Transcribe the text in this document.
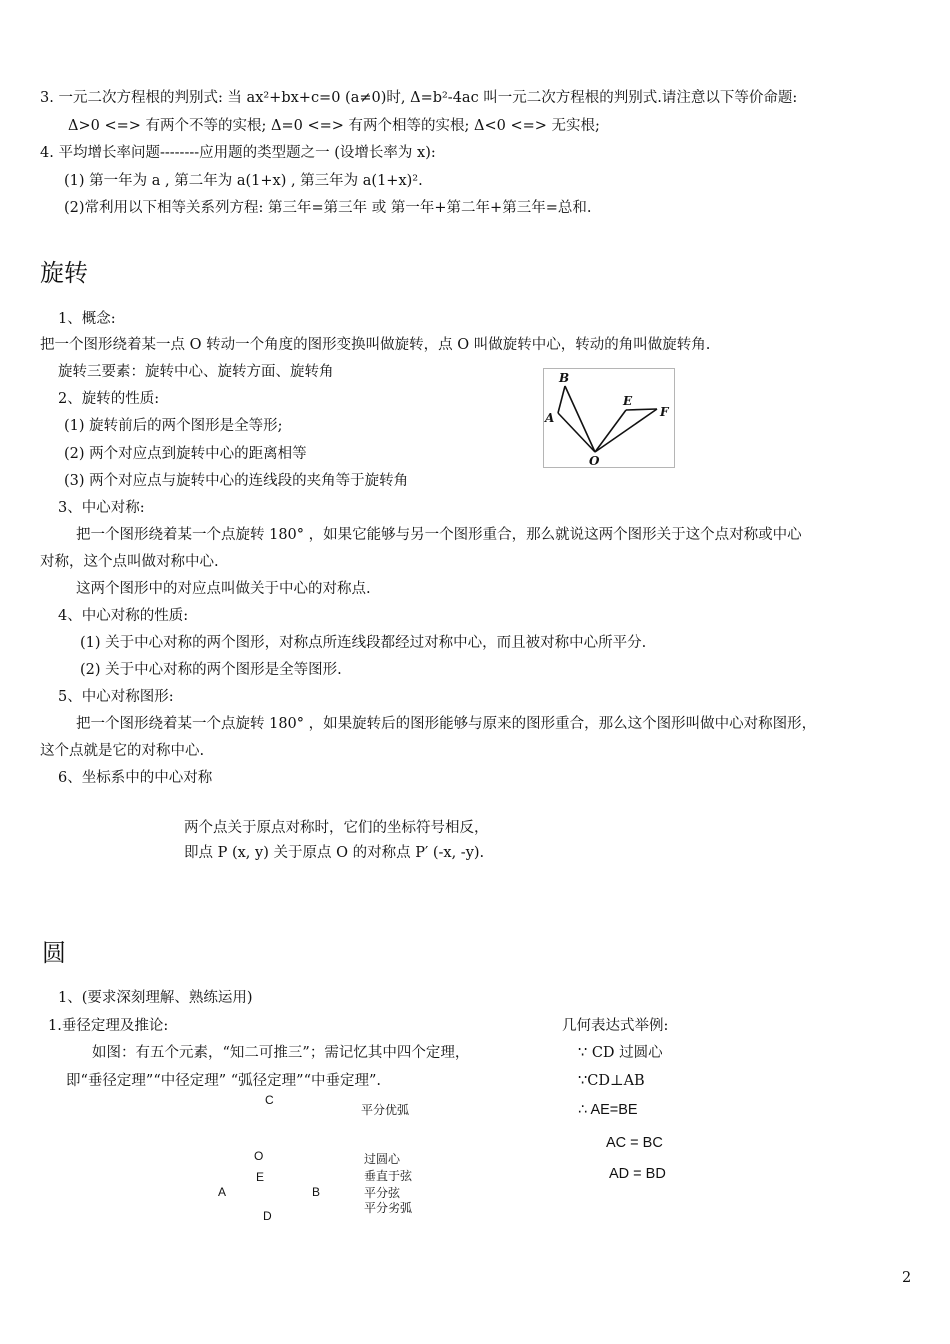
3. 一元二次方程根的判别式: 当 ax²+bx+c=0 (a≠0)时, Δ=b²-4ac 叫一元二次方程根的判别式.请注意以下等价命题:
Δ>0 <=> 有两个不等的实根; Δ=0 <=> 有两个相等的实根; Δ<0 <=> 无实根;
4. 平均增长率问题--------应用题的类型题之一 (设增长率为 x):
(1) 第一年为 a , 第二年为 a(1+x) , 第三年为 a(1+x)².
(2)常利用以下相等关系列方程: 第三年=第三年 或 第一年+第二年+第三年=总和.
旋转
1、概念:
把一个图形绕着某一点 O 转动一个角度的图形变换叫做旋转，点 O 叫做旋转中心，转动的角叫做旋转角.
旋转三要素：旋转中心、旋转方面、旋转角
2、旋转的性质:
(1) 旋转前后的两个图形是全等形;
(2) 两个对应点到旋转中心的距离相等
(3) 两个对应点与旋转中心的连线段的夹角等于旋转角
B
A
E
F
O
3、中心对称:
把一个图形绕着某一个点旋转 180° ，如果它能够与另一个图形重合，那么就说这两个图形关于这个点对称或中心
对称，这个点叫做对称中心.
这两个图形中的对应点叫做关于中心的对称点.
4、中心对称的性质:
(1) 关于中心对称的两个图形，对称点所连线段都经过对称中心，而且被对称中心所平分.
(2) 关于中心对称的两个图形是全等图形.
5、中心对称图形:
把一个图形绕着某一个点旋转 180° ，如果旋转后的图形能够与原来的图形重合，那么这个图形叫做中心对称图形，
这个点就是它的对称中心.
6、坐标系中的中心对称
两个点关于原点对称时，它们的坐标符号相反，
即点 P (x, y) 关于原点 O 的对称点 P′ (-x, -y).
圆
1、(要求深刻理解、熟练运用)
1.垂径定理及推论:
如图：有五个元素，“知二可推三”；需记忆其中四个定理，
即“垂径定理”“中径定理” “弧径定理”“中垂定理”.
C
O
E
A	B
D
平分优弧
过圆心
垂直于弦
平分弦
平分劣弧
几何表达式举例:
∵ CD 过圆心
∵CD⊥AB
∴ AE=BE
AC = BC
AD = BD
2
